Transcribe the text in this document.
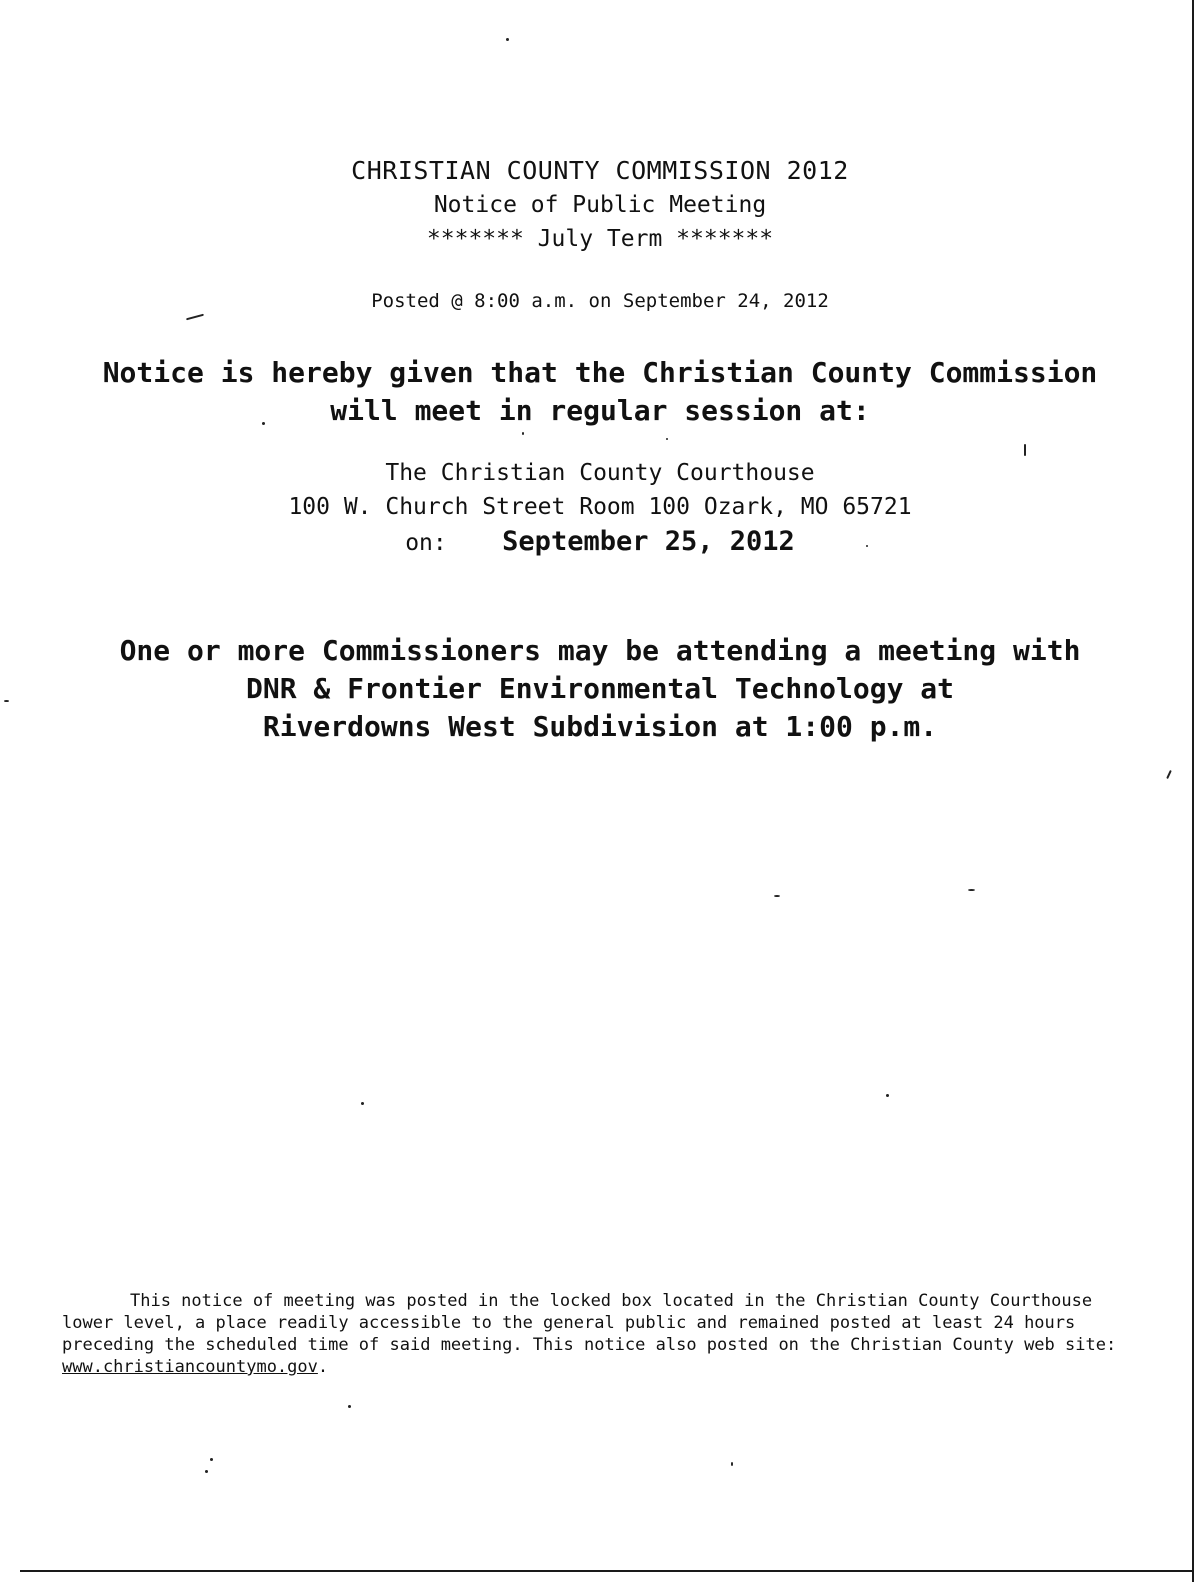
CHRISTIAN COUNTY COMMISSION 2012
Notice of Public Meeting
******* July Term *******
Posted @ 8:00 a.m. on September 24, 2012
Notice is hereby given that the Christian County Commission
will meet in regular session at:
The Christian County Courthouse
100 W. Church Street Room 100 Ozark, MO 65721
on: September 25, 2012
One or more Commissioners may be attending a meeting with
DNR & Frontier Environmental Technology at
Riverdowns West Subdivision at 1:00 p.m.
This notice of meeting was posted in the locked box located in the Christian County Courthouse lower level, a place readily accessible to the general public and remained posted at least 24 hours preceding the scheduled time of said meeting. This notice also posted on the Christian County web site: www.christiancountymo.gov.
